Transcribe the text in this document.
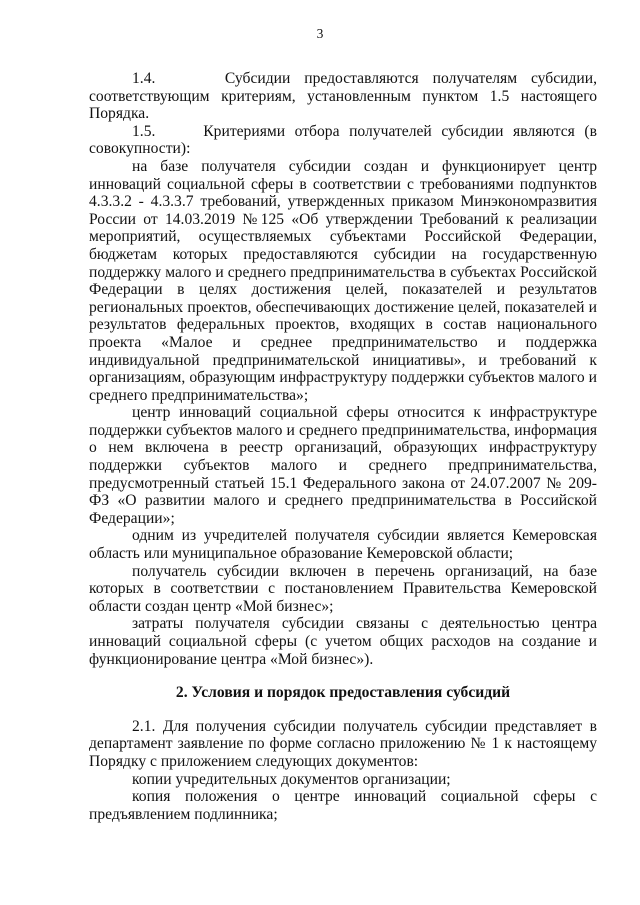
3

1.4.     Субсидии предоставляются получателям субсидии, соответствующим критериям, установленным пунктом 1.5 настоящего Порядка.

1.5.     Критериями отбора получателей субсидии являются (в совокупности):

на базе получателя субсидии создан и функционирует центр инноваций социальной сферы в соответствии с требованиями подпунктов 4.3.3.2 - 4.3.3.7 требований, утвержденных приказом Минэкономразвития России от 14.03.2019 №125 «Об утверждении Требований к реализации мероприятий, осуществляемых субъектами Российской Федерации, бюджетам которых предоставляются субсидии на государственную поддержку малого и среднего предпринимательства в субъектах Российской Федерации в целях достижения целей, показателей и результатов региональных проектов, обеспечивающих достижение целей, показателей и результатов федеральных проектов, входящих в состав национального проекта «Малое и среднее предпринимательство и поддержка индивидуальной предпринимательской инициативы», и требований к организациям, образующим инфраструктуру поддержки субъектов малого и среднего предпринимательства»;

центр инноваций социальной сферы относится к инфраструктуре поддержки субъектов малого и среднего предпринимательства, информация о нем включена в реестр организаций, образующих инфраструктуру поддержки субъектов малого и среднего предпринимательства, предусмотренный статьей 15.1 Федерального закона от 24.07.2007 № 209-ФЗ «О развитии малого и среднего предпринимательства в Российской Федерации»;

одним из учредителей получателя субсидии является Кемеровская область или муниципальное образование Кемеровской области;

получатель субсидии включен в перечень организаций, на базе которых в соответствии с постановлением Правительства Кемеровской области создан центр «Мой бизнес»;

затраты получателя субсидии связаны с деятельностью центра инноваций социальной сферы (с учетом общих расходов на создание и функционирование центра «Мой бизнес»).

2. Условия и порядок предоставления субсидий

2.1. Для получения субсидии получатель субсидии представляет в департамент заявление по форме согласно приложению № 1 к настоящему Порядку с приложением следующих документов:

копии учредительных документов организации;

копия положения о центре инноваций социальной сферы с предъявлением подлинника;
